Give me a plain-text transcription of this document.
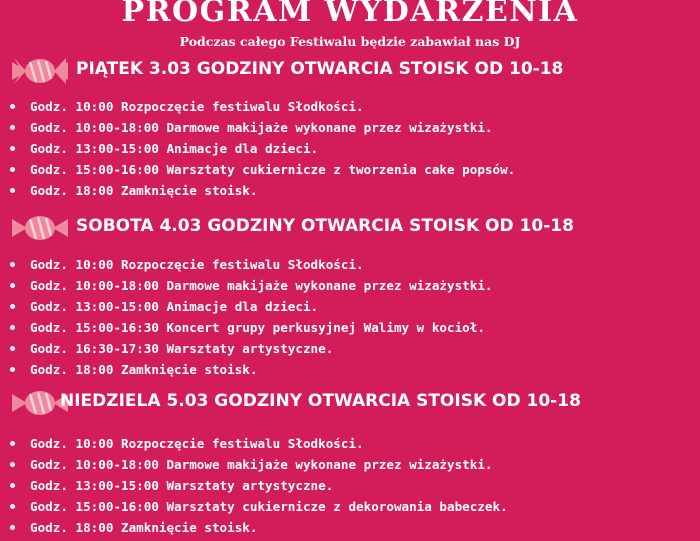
PROGRAM WYDARZENIA
Podczas całego Festiwalu będzie zabawiał nas DJ
PIĄTEK 3.03 GODZINY OTWARCIA STOISK OD 10-18
Godz. 10:00 Rozpoczęcie festiwalu Słodkości.
Godz. 10:00-18:00 Darmowe makijaże wykonane przez wizażystki.
Godz. 13:00-15:00 Animacje dla dzieci.
Godz. 15:00-16:00 Warsztaty cukiernicze z tworzenia cake popsów.
Godz. 18:00 Zamknięcie stoisk.
SOBOTA 4.03 GODZINY OTWARCIA STOISK OD 10-18
Godz. 10:00 Rozpoczęcie festiwalu Słodkości.
Godz. 10:00-18:00 Darmowe makijaże wykonane przez wizażystki.
Godz. 13:00-15:00 Animacje dla dzieci.
Godz. 15:00-16:30 Koncert grupy perkusyjnej Walimy w kocioł.
Godz. 16:30-17:30 Warsztaty artystyczne.
Godz. 18:00 Zamknięcie stoisk.
NIEDZIELA 5.03 GODZINY OTWARCIA STOISK OD 10-18
Godz. 10:00 Rozpoczęcie festiwalu Słodkości.
Godz. 10:00-18:00 Darmowe makijaże wykonane przez wizażystki.
Godz. 13:00-15:00 Warsztaty artystyczne.
Godz. 15:00-16:00 Warsztaty cukiernicze z dekorowania babeczek.
Godz. 18:00 Zamknięcie stoisk.
